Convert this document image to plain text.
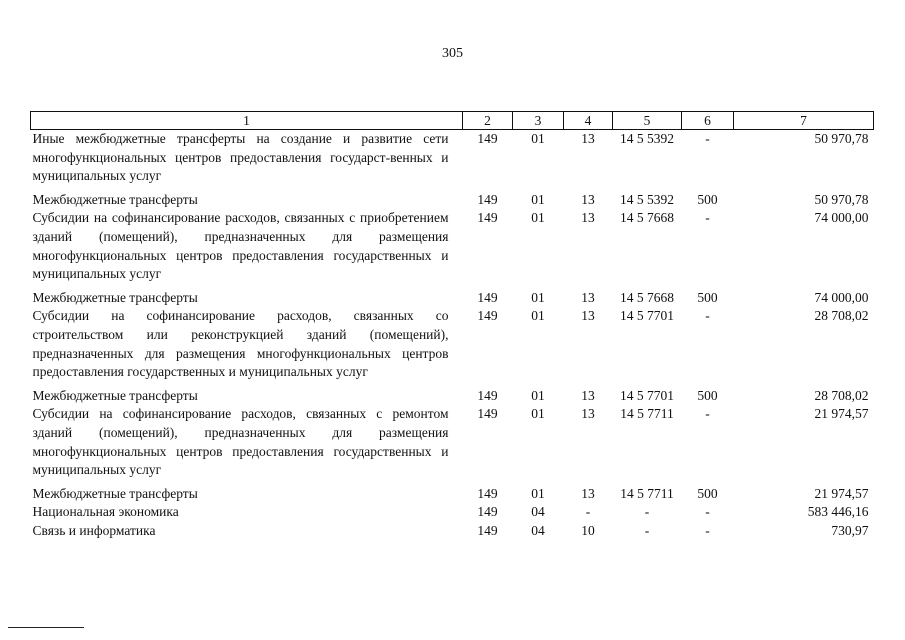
305
1	2	3	4	5	6	7
Иные межбюджетные трансферты на создание и развитие сети многофункциональных центров предоставления государст-венных и муниципальных услуг	149	01	13	14 5 5392	-	50 970,78
Межбюджетные трансферты	149	01	13	14 5 5392	500	50 970,78
Субсидии на софинансирование расходов, связанных с приобретением зданий (помещений), предназначенных для размещения многофункциональных центров предоставления государственных и муниципальных услуг	149	01	13	14 5 7668	-	74 000,00
Межбюджетные трансферты	149	01	13	14 5 7668	500	74 000,00
Субсидии на софинансирование расходов, связанных со строительством или реконструкцией зданий (помещений), предназначенных для размещения многофункциональных центров предоставления государственных и муниципальных услуг	149	01	13	14 5 7701	-	28 708,02
Межбюджетные трансферты	149	01	13	14 5 7701	500	28 708,02
Субсидии на софинансирование расходов, связанных с ремонтом зданий (помещений), предназначенных для размещения многофункциональных центров предоставления государственных и муниципальных услуг	149	01	13	14 5 7711	-	21 974,57
Межбюджетные трансферты	149	01	13	14 5 7711	500	21 974,57
Национальная экономика	149	04	-	-	-	583 446,16
Связь и информатика	149	04	10	-	-	730,97
